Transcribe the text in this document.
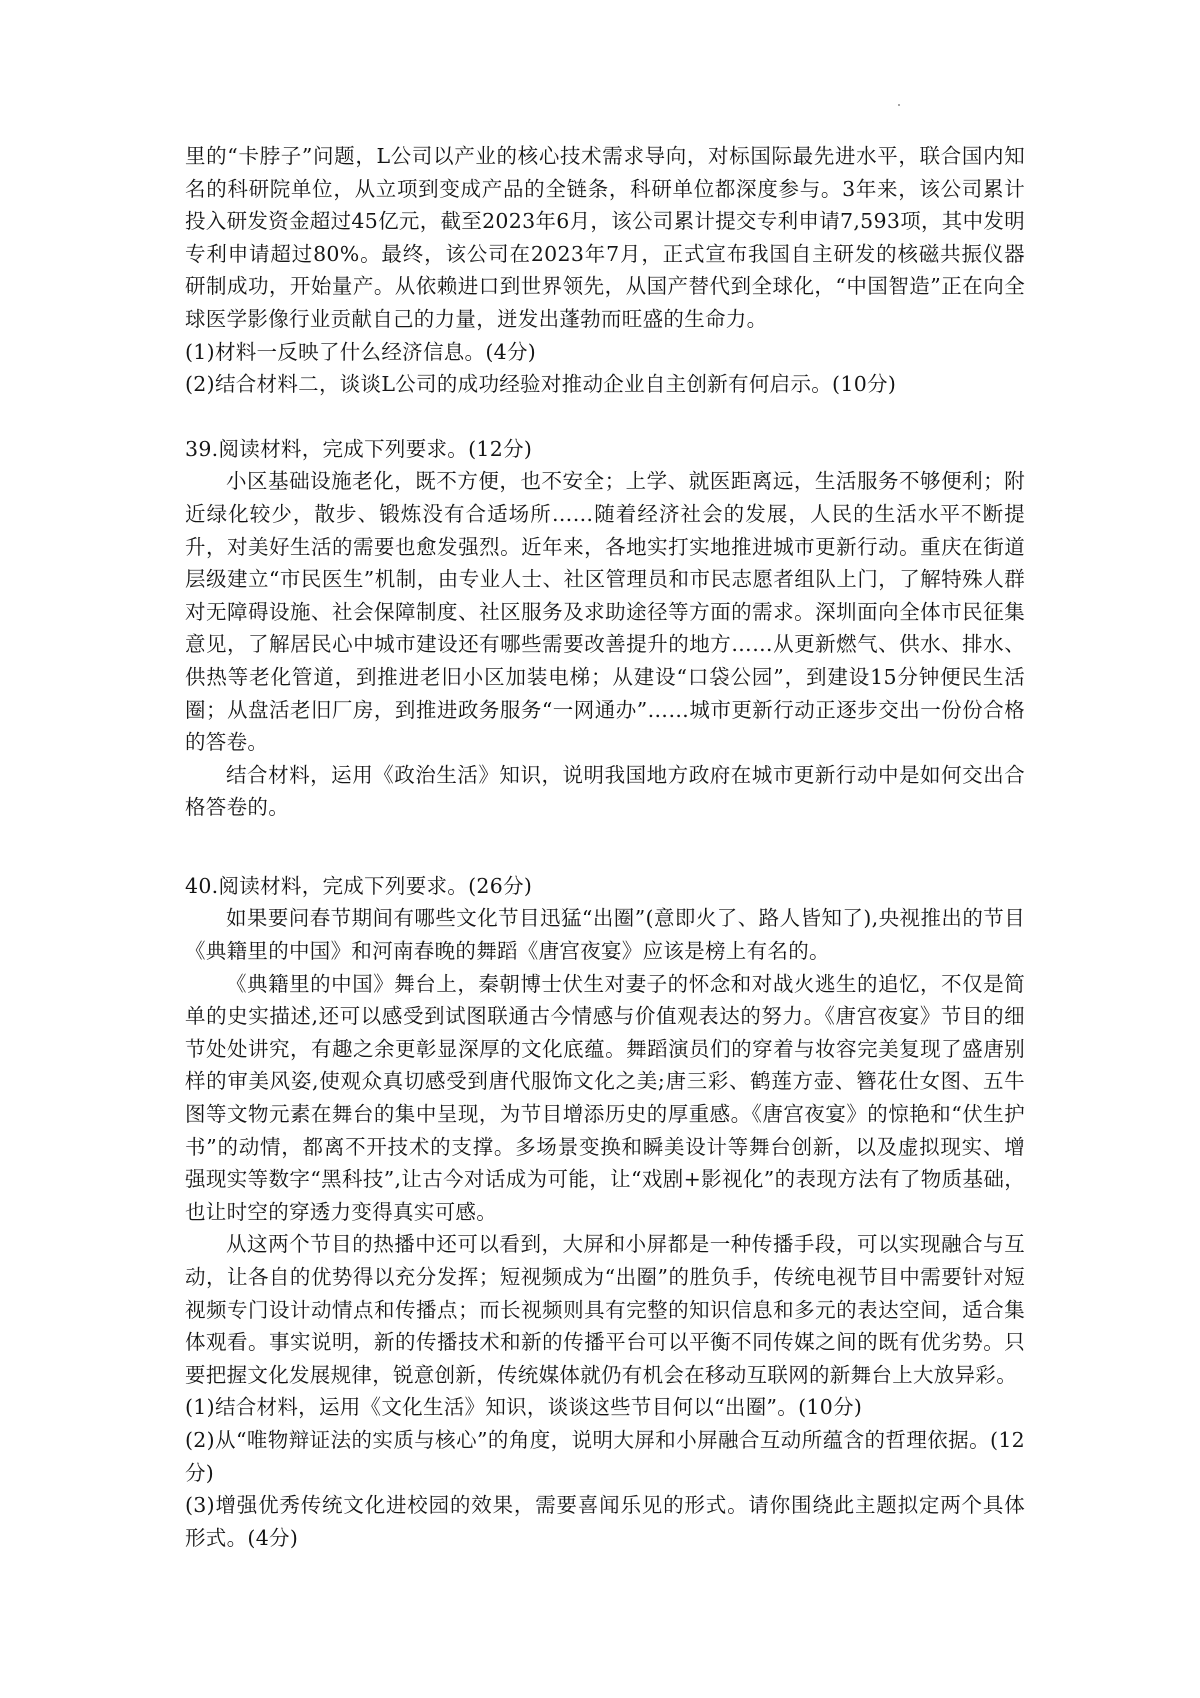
里的“卡脖子”问题，L公司以产业的核心技术需求导向，对标国际最先进水平，联合国内知名的科研院单位，从立项到变成产品的全链条，科研单位都深度参与。3年来，该公司累计投入研发资金超过45亿元，截至2023年6月，该公司累计提交专利申请7,593项，其中发明专利申请超过80%。最终，该公司在2023年7月，正式宣布我国自主研发的核磁共振仪器研制成功，开始量产。从依赖进口到世界领先，从国产替代到全球化，“中国智造”正在向全球医学影像行业贡献自己的力量，迸发出蓬勃而旺盛的生命力。

(1)材料一反映了什么经济信息。(4分)

(2)结合材料二，谈谈L公司的成功经验对推动企业自主创新有何启示。(10分)

39.阅读材料，完成下列要求。(12分)

小区基础设施老化，既不方便，也不安全；上学、就医距离远，生活服务不够便利；附近绿化较少，散步、锻炼没有合适场所……随着经济社会的发展，人民的生活水平不断提升，对美好生活的需要也愈发强烈。近年来，各地实打实地推进城市更新行动。重庆在街道层级建立“市民医生”机制，由专业人士、社区管理员和市民志愿者组队上门，了解特殊人群对无障碍设施、社会保障制度、社区服务及求助途径等方面的需求。深圳面向全体市民征集意见，了解居民心中城市建设还有哪些需要改善提升的地方……从更新燃气、供水、排水、供热等老化管道，到推进老旧小区加装电梯；从建设“口袋公园”，到建设15分钟便民生活圈；从盘活老旧厂房，到推进政务服务“一网通办”……城市更新行动正逐步交出一份份合格的答卷。

结合材料，运用《政治生活》知识，说明我国地方政府在城市更新行动中是如何交出合格答卷的。

40.阅读材料，完成下列要求。(26分)

如果要问春节期间有哪些文化节目迅猛“出圈”(意即火了、路人皆知了),央视推出的节目《典籍里的中国》和河南春晚的舞蹈《唐宫夜宴》应该是榜上有名的。

《典籍里的中国》舞台上，秦朝博士伏生对妻子的怀念和对战火逃生的追忆，不仅是简单的史实描述,还可以感受到试图联通古今情感与价值观表达的努力。《唐宫夜宴》节目的细节处处讲究，有趣之余更彰显深厚的文化底蕴。舞蹈演员们的穿着与妆容完美复现了盛唐别样的审美风姿,使观众真切感受到唐代服饰文化之美;唐三彩、鹤莲方壶、簪花仕女图、五牛图等文物元素在舞台的集中呈现，为节目增添历史的厚重感。《唐宫夜宴》的惊艳和“伏生护书”的动情，都离不开技术的支撑。多场景变换和瞬美设计等舞台创新，以及虚拟现实、增强现实等数字“黑科技”,让古今对话成为可能，让“戏剧+影视化”的表现方法有了物质基础，也让时空的穿透力变得真实可感。

从这两个节目的热播中还可以看到，大屏和小屏都是一种传播手段，可以实现融合与互动，让各自的优势得以充分发挥；短视频成为“出圈”的胜负手，传统电视节目中需要针对短视频专门设计动情点和传播点；而长视频则具有完整的知识信息和多元的表达空间，适合集体观看。事实说明，新的传播技术和新的传播平台可以平衡不同传媒之间的既有优劣势。只要把握文化发展规律，锐意创新，传统媒体就仍有机会在移动互联网的新舞台上大放异彩。

(1)结合材料，运用《文化生活》知识，谈谈这些节目何以“出圈”。(10分)

(2)从“唯物辩证法的实质与核心”的角度，说明大屏和小屏融合互动所蕴含的哲理依据。(12分)

(3)增强优秀传统文化进校园的效果，需要喜闻乐见的形式。请你围绕此主题拟定两个具体形式。(4分)
